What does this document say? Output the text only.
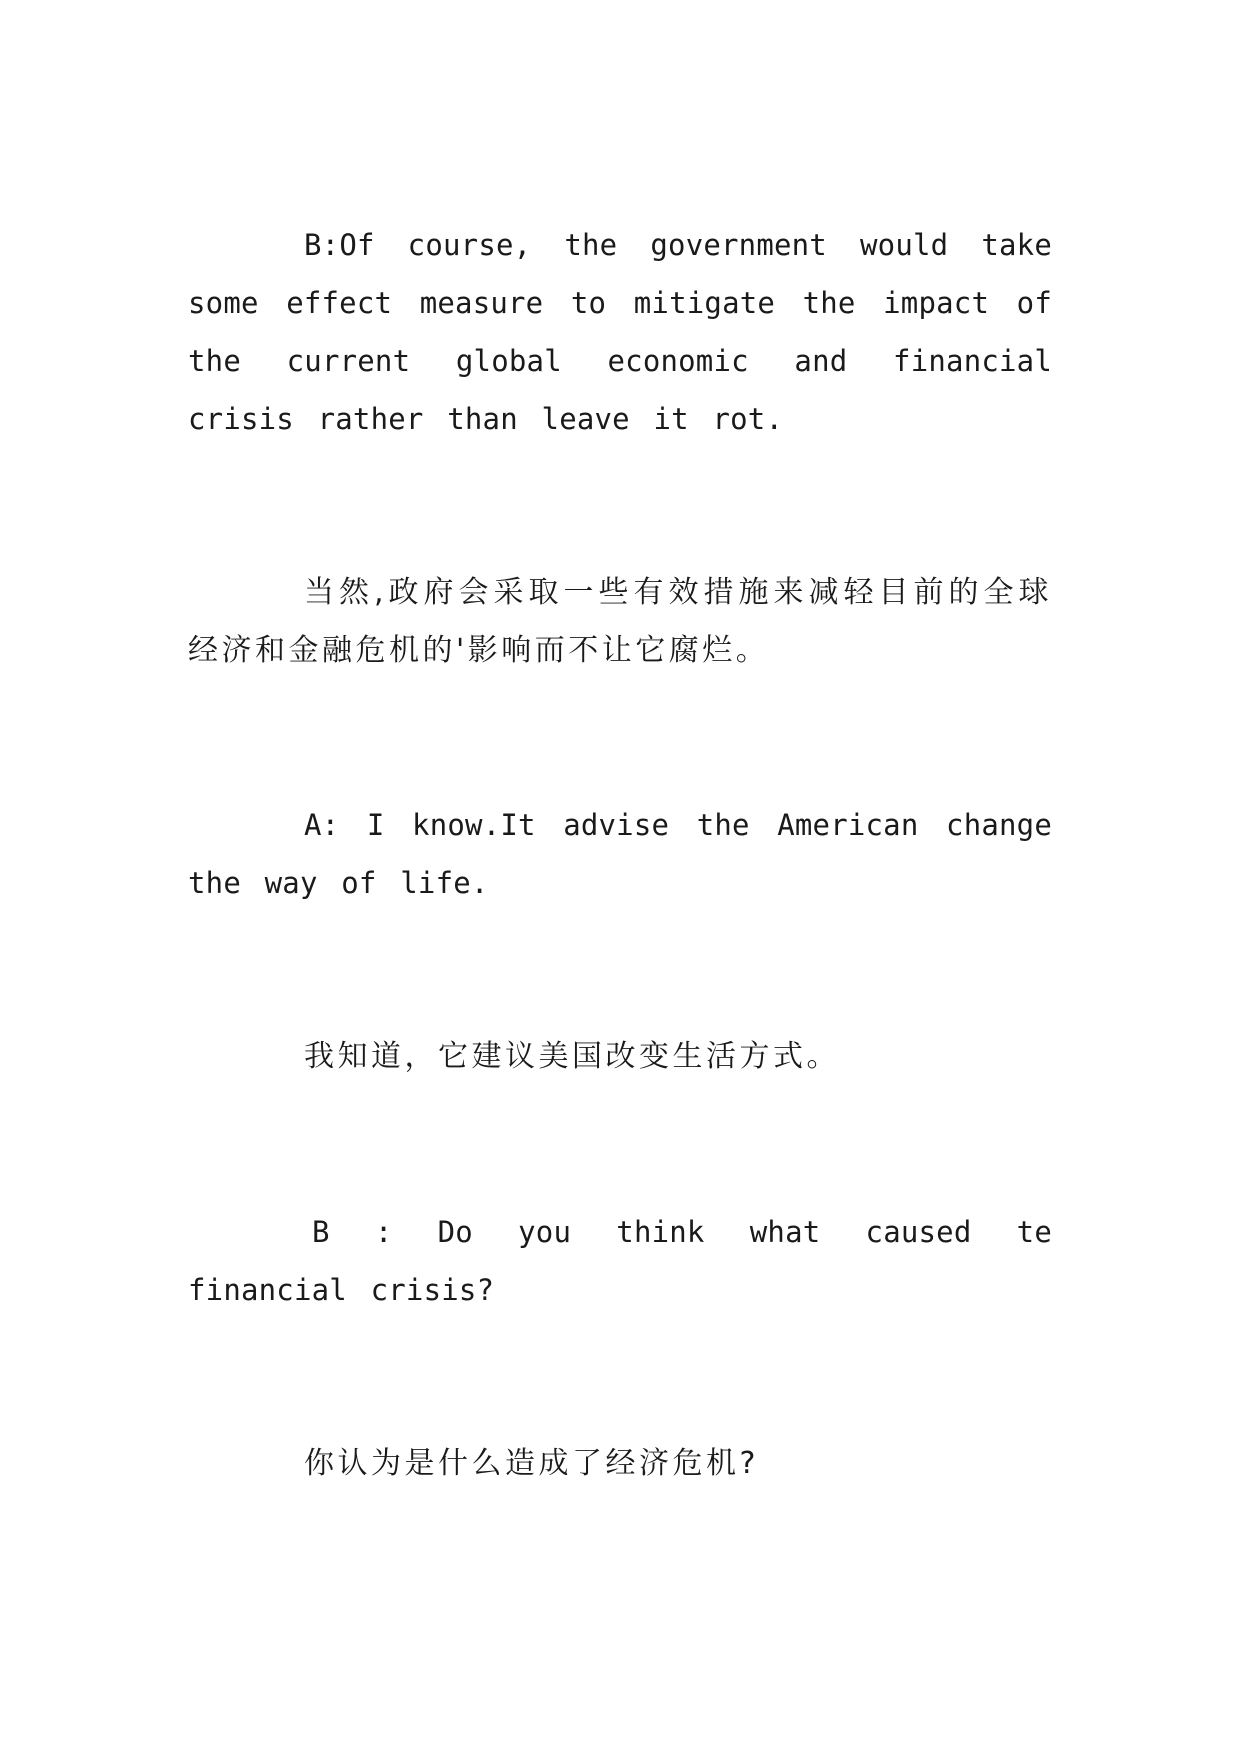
B:Of course, the government would take some effect measure to mitigate the impact of the current global economic and financial crisis rather than leave it rot.

当然,政府会采取一些有效措施来减轻目前的全球经济和金融危机的'影响而不让它腐烂。

A: I know.It advise the American change the way of life.

我知道，它建议美国改变生活方式。

B : Do you think what caused te financial crisis?

你认为是什么造成了经济危机?
